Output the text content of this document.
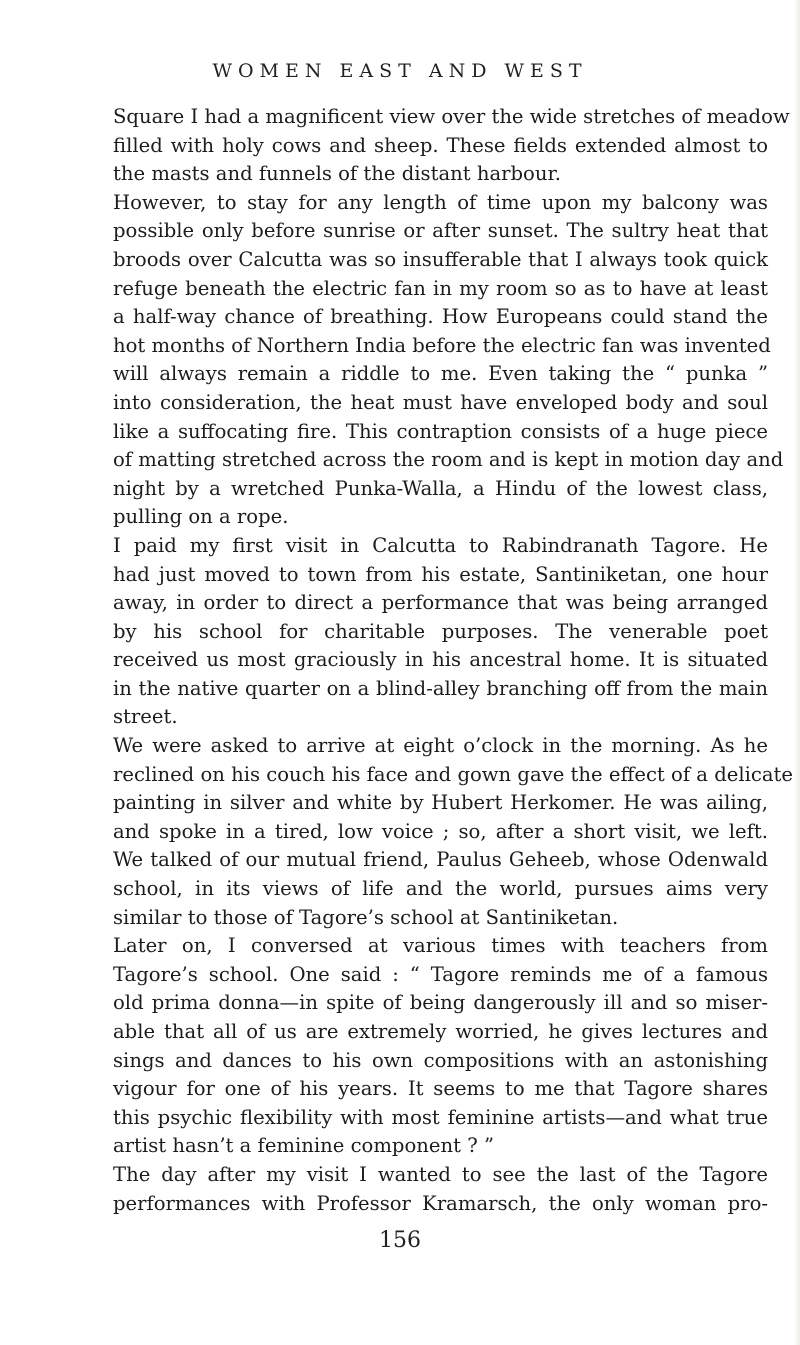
WOMEN EAST AND WEST
Square I had a magnificent view over the wide stretches of meadow
filled with holy cows and sheep. These fields extended almost to
the masts and funnels of the distant harbour.
However, to stay for any length of time upon my balcony was
possible only before sunrise or after sunset. The sultry heat that
broods over Calcutta was so insufferable that I always took quick
refuge beneath the electric fan in my room so as to have at least
a half-way chance of breathing. How Europeans could stand the
hot months of Northern India before the electric fan was invented
will always remain a riddle to me. Even taking the “ punka ”
into consideration, the heat must have enveloped body and soul
like a suffocating fire. This contraption consists of a huge piece
of matting stretched across the room and is kept in motion day and
night by a wretched Punka-Walla, a Hindu of the lowest class,
pulling on a rope.
I paid my first visit in Calcutta to Rabindranath Tagore. He
had just moved to town from his estate, Santiniketan, one hour
away, in order to direct a performance that was being arranged
by his school for charitable purposes. The venerable poet
received us most graciously in his ancestral home. It is situated
in the native quarter on a blind-alley branching off from the main
street.
We were asked to arrive at eight o’clock in the morning. As he
reclined on his couch his face and gown gave the effect of a delicate
painting in silver and white by Hubert Herkomer. He was ailing,
and spoke in a tired, low voice ; so, after a short visit, we left.
We talked of our mutual friend, Paulus Geheeb, whose Odenwald
school, in its views of life and the world, pursues aims very
similar to those of Tagore’s school at Santiniketan.
Later on, I conversed at various times with teachers from
Tagore’s school. One said : “ Tagore reminds me of a famous
old prima donna—in spite of being dangerously ill and so miser-
able that all of us are extremely worried, he gives lectures and
sings and dances to his own compositions with an astonishing
vigour for one of his years. It seems to me that Tagore shares
this psychic flexibility with most feminine artists—and what true
artist hasn’t a feminine component ? ”
The day after my visit I wanted to see the last of the Tagore
performances with Professor Kramarsch, the only woman pro-
156
